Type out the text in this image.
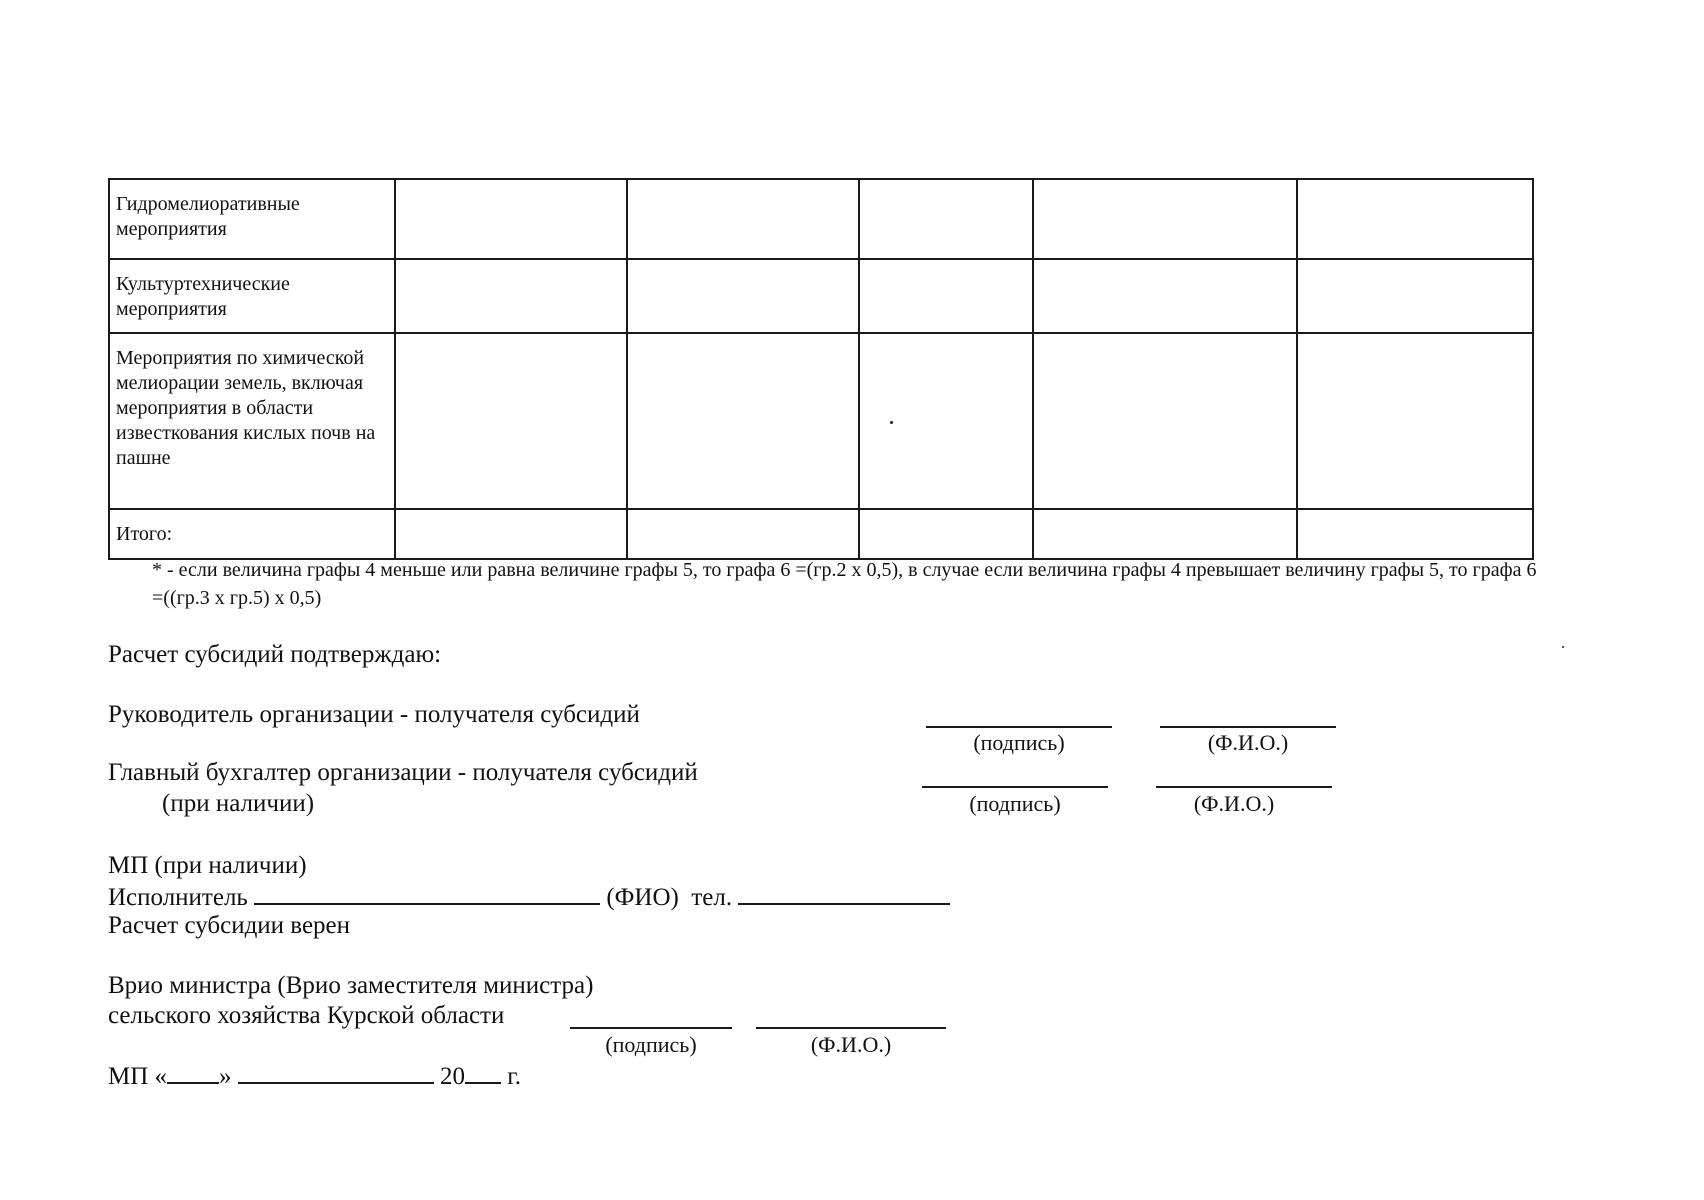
Гидромелиоративные мероприятия					
Культуртехнические мероприятия					
Мероприятия по химической мелиорации земель, включая мероприятия в области известкования кислых почв на пашне					
Итого:					
* - если величина графы 4 меньше или равна величине графы 5, то графа 6 =(гр.2 х 0,5), в случае если величина графы 4 превышает величину графы 5, то графа 6 =((гр.3 х гр.5) х 0,5)
Расчет субсидий подтверждаю:
Руководитель организации - получателя субсидий
(подпись)	(Ф.И.О.)
Главный бухгалтер организации - получателя субсидий
(при наличии)	(подпись)	(Ф.И.О.)
МП (при наличии)
Исполнитель	(ФИО) тел.
Расчет субсидии верен
Врио министра (Врио заместителя министра)
сельского хозяйства Курской области
(подпись)	(Ф.И.О.)
МП « »	20 г.
